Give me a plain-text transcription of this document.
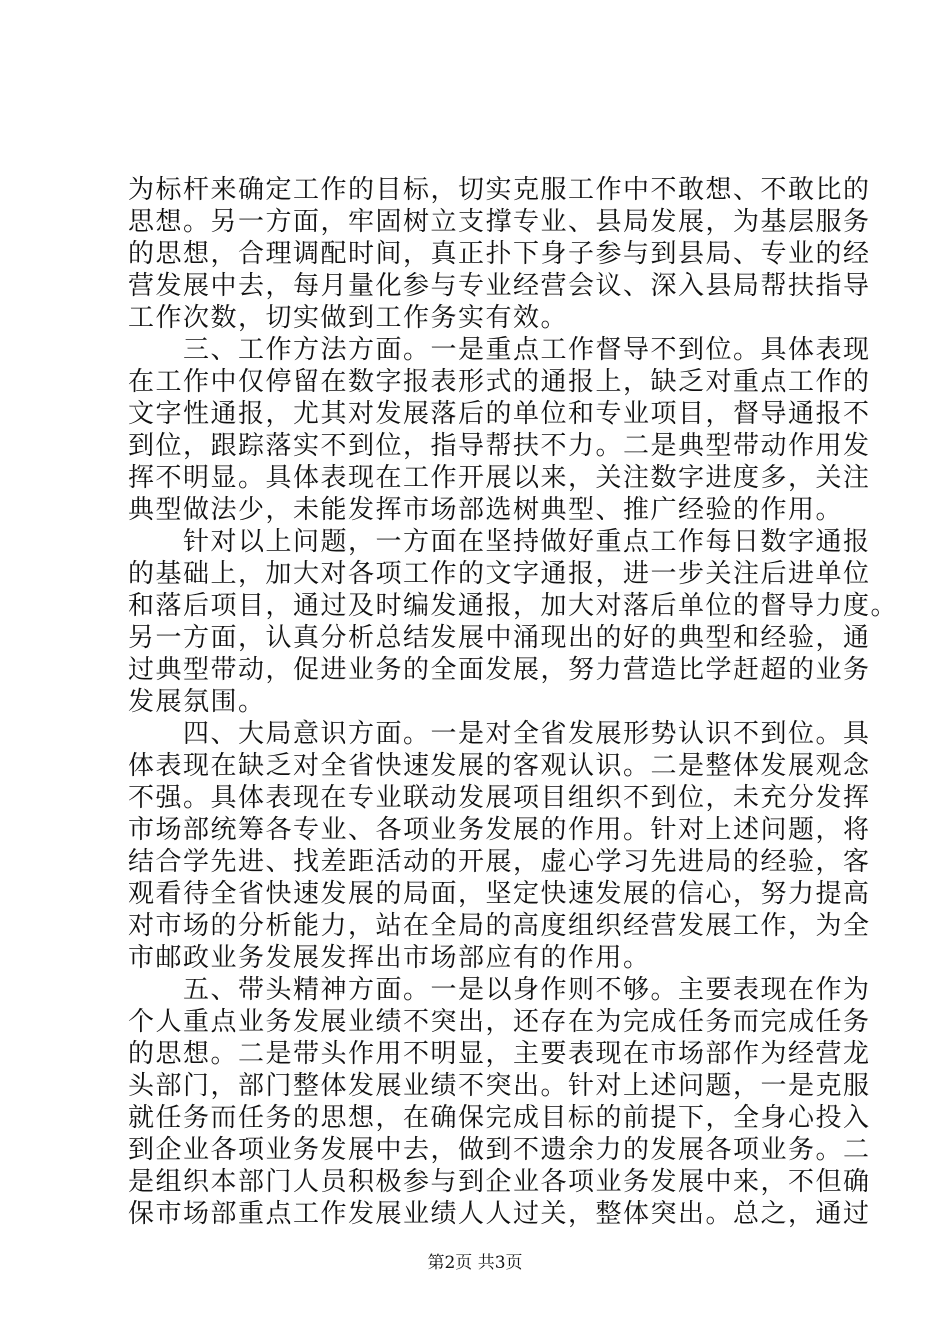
为标杆来确定工作的目标，切实克服工作中不敢想、不敢比的
思想。另一方面，牢固树立支撑专业、县局发展，为基层服务
的思想，合理调配时间，真正扑下身子参与到县局、专业的经
营发展中去，每月量化参与专业经营会议、深入县局帮扶指导
工作次数，切实做到工作务实有效。
　　三、工作方法方面。一是重点工作督导不到位。具体表现
在工作中仅停留在数字报表形式的通报上，缺乏对重点工作的
文字性通报，尤其对发展落后的单位和专业项目，督导通报不
到位，跟踪落实不到位，指导帮扶不力。二是典型带动作用发
挥不明显。具体表现在工作开展以来，关注数字进度多，关注
典型做法少，未能发挥市场部选树典型、推广经验的作用。
　　针对以上问题，一方面在坚持做好重点工作每日数字通报
的基础上，加大对各项工作的文字通报，进一步关注后进单位
和落后项目，通过及时编发通报，加大对落后单位的督导力度。
另一方面，认真分析总结发展中涌现出的好的典型和经验，通
过典型带动，促进业务的全面发展，努力营造比学赶超的业务
发展氛围。
　　四、大局意识方面。一是对全省发展形势认识不到位。具
体表现在缺乏对全省快速发展的客观认识。二是整体发展观念
不强。具体表现在专业联动发展项目组织不到位，未充分发挥
市场部统筹各专业、各项业务发展的作用。针对上述问题，将
结合学先进、找差距活动的开展，虚心学习先进局的经验，客
观看待全省快速发展的局面，坚定快速发展的信心，努力提高
对市场的分析能力，站在全局的高度组织经营发展工作，为全
市邮政业务发展发挥出市场部应有的作用。
　　五、带头精神方面。一是以身作则不够。主要表现在作为
个人重点业务发展业绩不突出，还存在为完成任务而完成任务
的思想。二是带头作用不明显，主要表现在市场部作为经营龙
头部门，部门整体发展业绩不突出。针对上述问题，一是克服
就任务而任务的思想，在确保完成目标的前提下，全身心投入
到企业各项业务发展中去，做到不遗余力的发展各项业务。二
是组织本部门人员积极参与到企业各项业务发展中来，不但确
保市场部重点工作发展业绩人人过关，整体突出。总之，通过
第2页 共3页
